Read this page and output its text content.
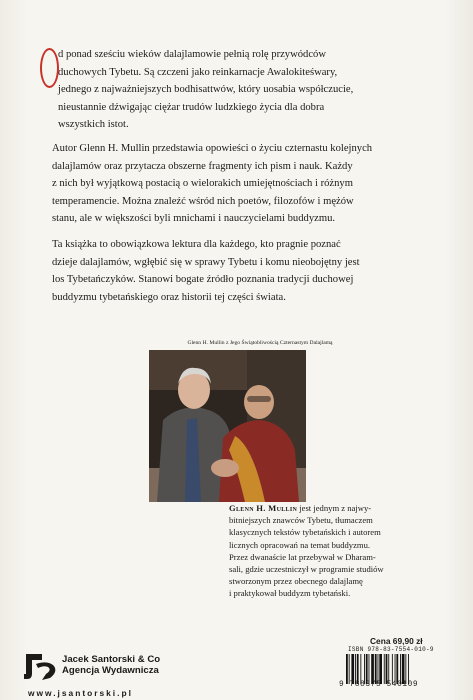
d ponad sześciu wieków dalajlamowie pełnią rolę przywódców
duchowych Tybetu. Są czczeni jako reinkarnacje Awalokiteśwary,
jednego z najważniejszych bodhisattwów, który uosabia współczucie,
nieustannie dźwigając ciężar trudów ludzkiego życia dla dobra
wszystkich istot.
Autor Glenn H. Mullin przedstawia opowieści o życiu czternastu kolejnych
dalajlamów oraz przytacza obszerne fragmenty ich pism i nauk. Każdy
z nich był wyjątkową postacią o wielorakich umiejętnościach i różnym
temperamencie. Można znaleźć wśród nich poetów, filozofów i mężów
stanu, ale w większości byli mnichami i nauczycielami buddyzmu.
Ta książka to obowiązkowa lektura dla każdego, kto pragnie poznać
dzieje dalajlamów, wgłębić się w sprawy Tybetu i komu nieobojętny jest
los Tybetańczyków. Stanowi bogate źródło poznania tradycji duchowej
buddyzmu tybetańskiego oraz historii tej części świata.
Glenn H. Mullin z Jego Świątobliwością Czternastym Dalajlamą
Glenn H. Mullin jest jednym z najwy-
bitniejszych znawców Tybetu, tłumaczem
klasycznych tekstów tybetańskich i autorem
licznych opracowań na temat buddyzmu.
Przez dwanaście lat przebywał w Dharam-
sali, gdzie uczestniczył w programie studiów
stworzonym przez obecnego dalajlamę
i praktykował buddyzm tybetański.
Jacek Santorski & Co
Agencja Wydawnicza
www.jsantorski.pl
Cena 69,90 zł
ISBN 978-83-7554-010-9
9 788375 540109
